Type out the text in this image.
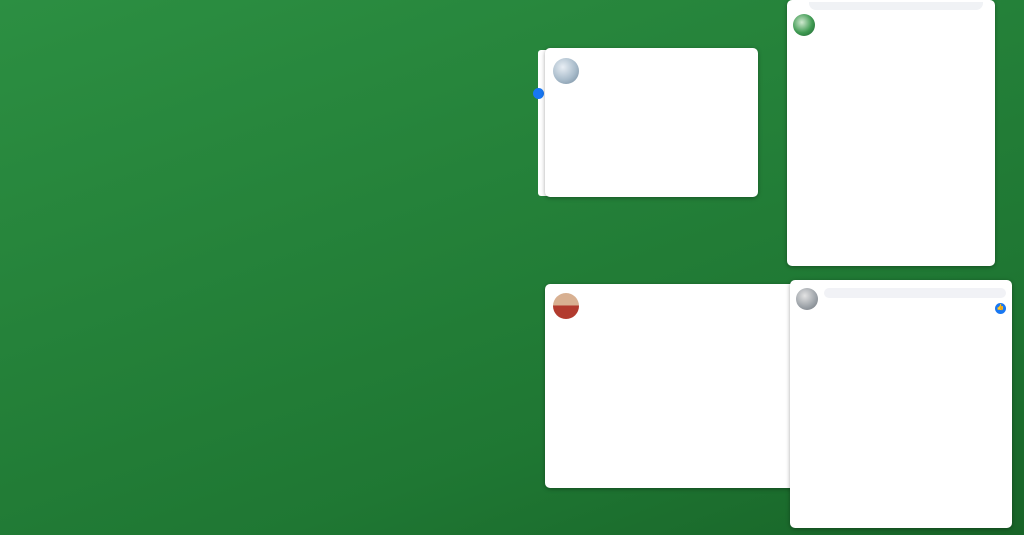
👍
